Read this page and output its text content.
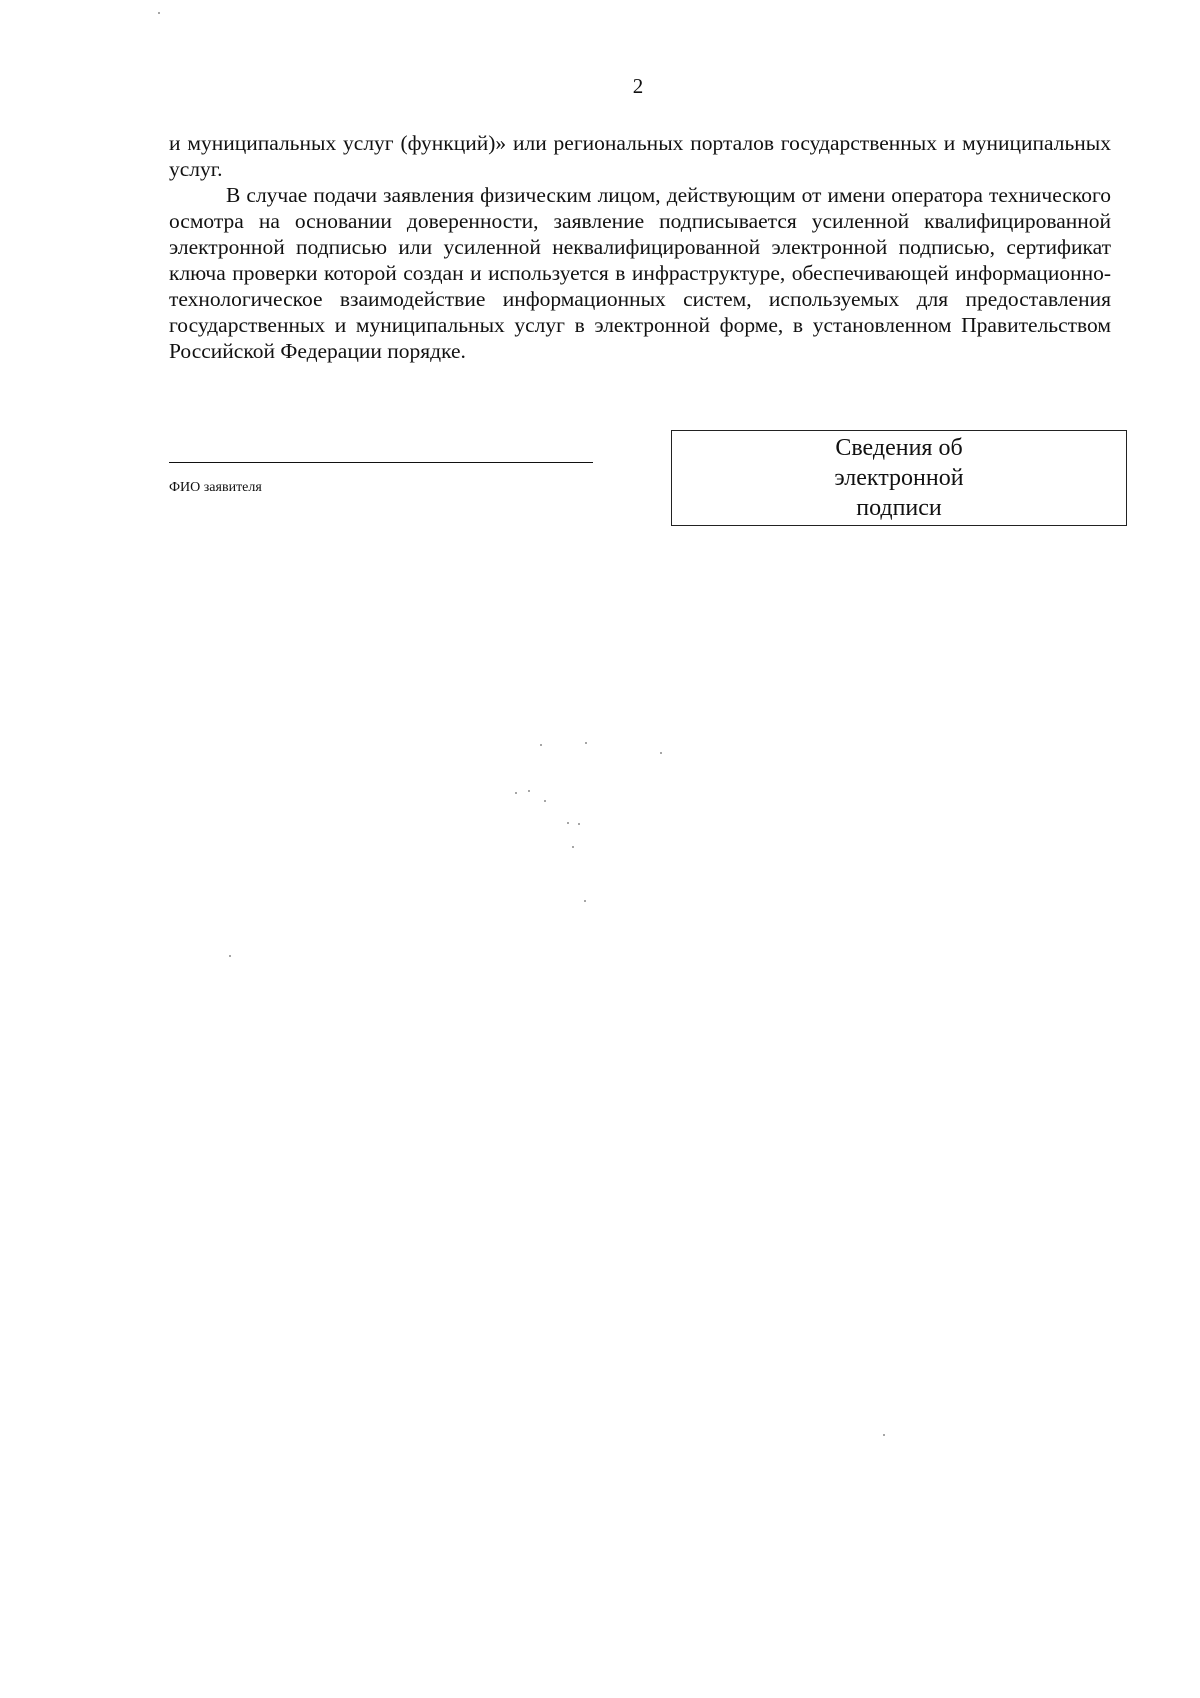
2

и муниципальных услуг (функций)» или региональных порталов государственных и муниципальных услуг.

В случае подачи заявления физическим лицом, действующим от имени оператора технического осмотра на основании доверенности, заявление подписывается усиленной квалифицированной электронной подписью или усиленной неквалифицированной электронной подписью, сертификат ключа проверки которой создан и используется в инфраструктуре, обеспечивающей информационно-технологическое взаимодействие информационных систем, используемых для предоставления государственных и муниципальных услуг в электронной форме, в установленном Правительством Российской Федерации порядке.

ФИО заявителя
Сведения об электронной подписи
